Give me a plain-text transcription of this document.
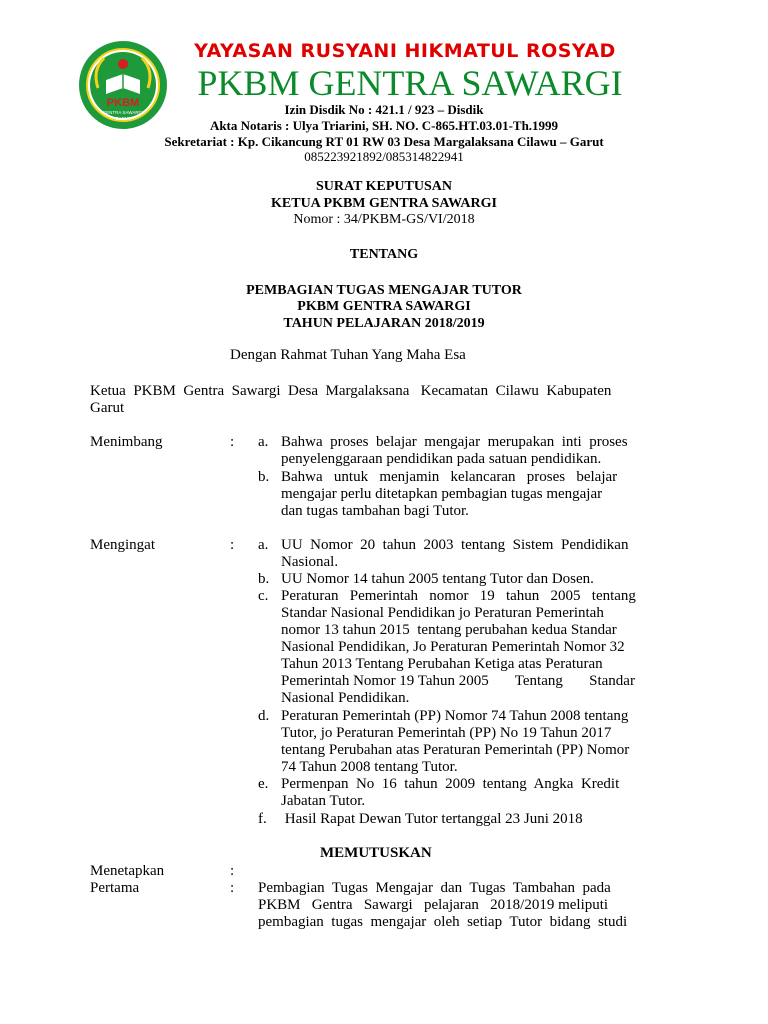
PKBM
GENTRA SAWARGI
GARUT
YAYASAN RUSYANI HIKMATUL ROSYAD
PKBM GENTRA SAWARGI
Izin Disdik No : 421.1 / 923 – Disdik
Akta Notaris : Ulya Triarini, SH. NO. C-865.HT.03.01-Th.1999
Sekretariat : Kp. Cikancung RT 01 RW 03 Desa Margalaksana Cilawu – Garut
085223921892/085314822941
SURAT KEPUTUSAN
KETUA PKBM GENTRA SAWARGI
Nomor : 34/PKBM-GS/VI/2018
TENTANG
PEMBAGIAN TUGAS MENGAJAR TUTOR
PKBM GENTRA SAWARGI
TAHUN PELAJARAN 2018/2019
Dengan Rahmat Tuhan Yang Maha Esa
Ketua  PKBM  Gentra  Sawargi  Desa  Margalaksana   Kecamatan  Cilawu  Kabupaten
Garut
Menimbang	: a. Bahwa  proses  belajar  mengajar  merupakan  inti  proses
penyelenggaraan pendidikan pada satuan pendidikan.
b. Bahwa   untuk   menjamin   kelancaran   proses   belajar
mengajar perlu ditetapkan pembagian tugas mengajar
dan tugas tambahan bagi Tutor.
Mengingat	: a. UU  Nomor  20  tahun  2003  tentang  Sistem  Pendidikan
Nasional.
b. UU Nomor 14 tahun 2005 tentang Tutor dan Dosen.
c. Peraturan   Pemerintah   nomor   19   tahun   2005   tentang
Standar Nasional Pendidikan jo Peraturan Pemerintah
nomor 13 tahun 2015  tentang perubahan kedua Standar
Nasional Pendidikan, Jo Peraturan Pemerintah Nomor 32
Tahun 2013 Tentang Perubahan Ketiga atas Peraturan
Pemerintah Nomor 19 Tahun 2005       Tentang       Standar
Nasional Pendidikan.
d. Peraturan Pemerintah (PP) Nomor 74 Tahun 2008 tentang
Tutor, jo Peraturan Pemerintah (PP) No 19 Tahun 2017
tentang Perubahan atas Peraturan Pemerintah (PP) Nomor
74 Tahun 2008 tentang Tutor.
e. Permenpan  No  16  tahun  2009  tentang  Angka  Kredit
Jabatan Tutor.
f. Hasil Rapat Dewan Tutor tertanggal 23 Juni 2018
MEMUTUSKAN
Menetapkan	:
Pertama	: Pembagian  Tugas  Mengajar  dan  Tugas  Tambahan  pada
PKBM   Gentra   Sawargi   pelajaran   2018/2019 meliputi
pembagian  tugas  mengajar  oleh  setiap  Tutor  bidang  studi
